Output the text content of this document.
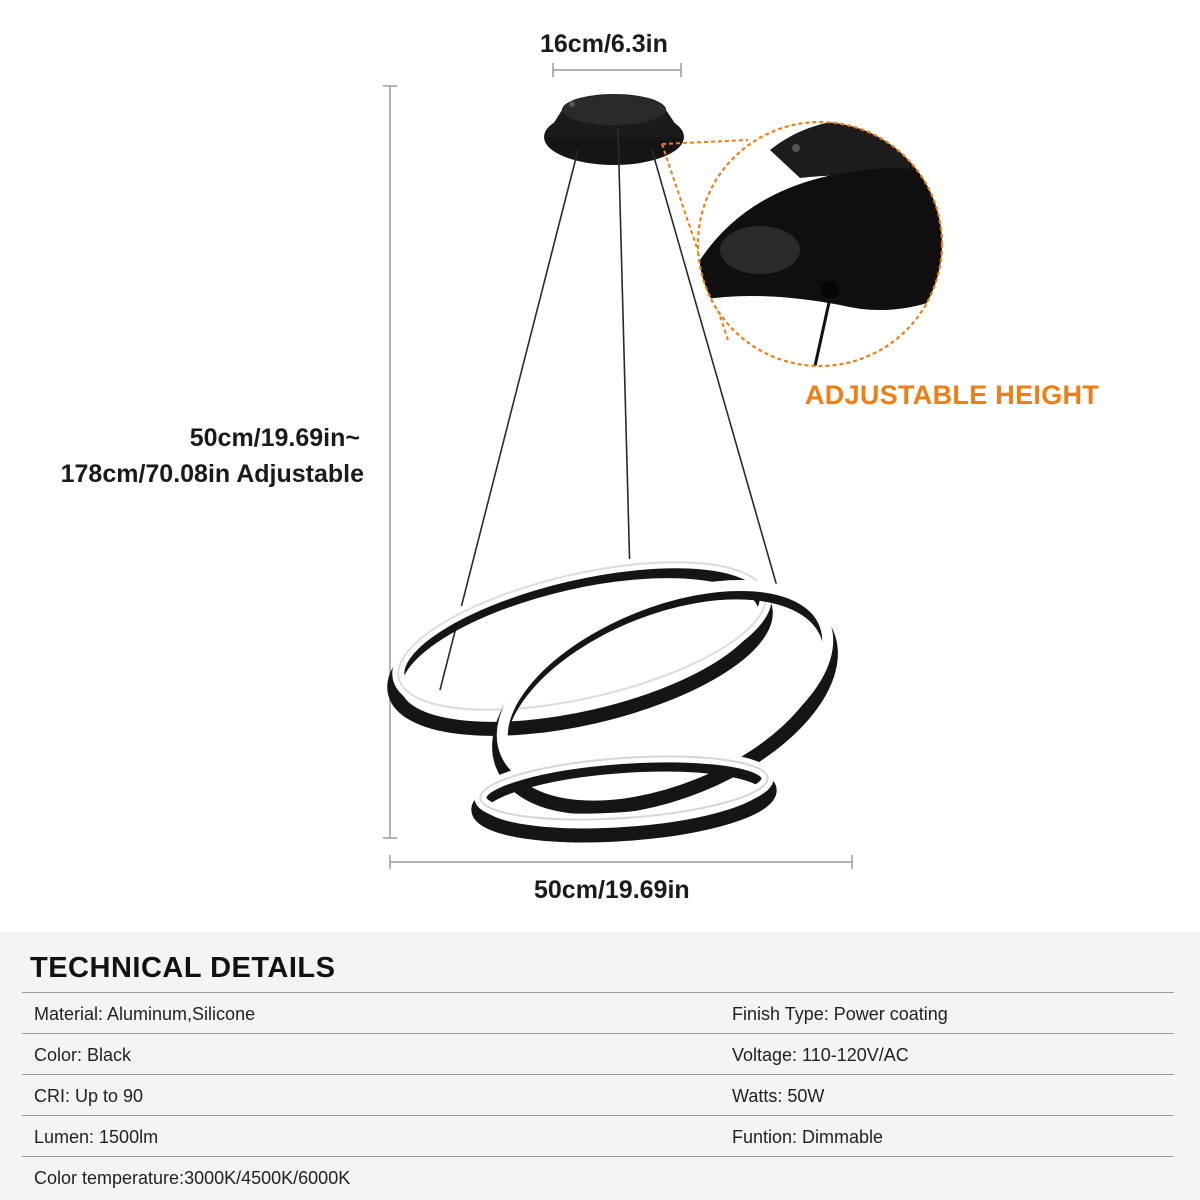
16cm/6.3in
50cm/19.69in~
178cm/70.08in Adjustable
50cm/19.69in
ADJUSTABLE HEIGHT
TECHNICAL DETAILS
Material: Aluminum,Silicone	Finish Type: Power coating
Color: Black	Voltage: 110-120V/AC
CRI: Up to 90	Watts: 50W
Lumen: 1500lm	Funtion: Dimmable
Color temperature:3000K/4500K/6000K
